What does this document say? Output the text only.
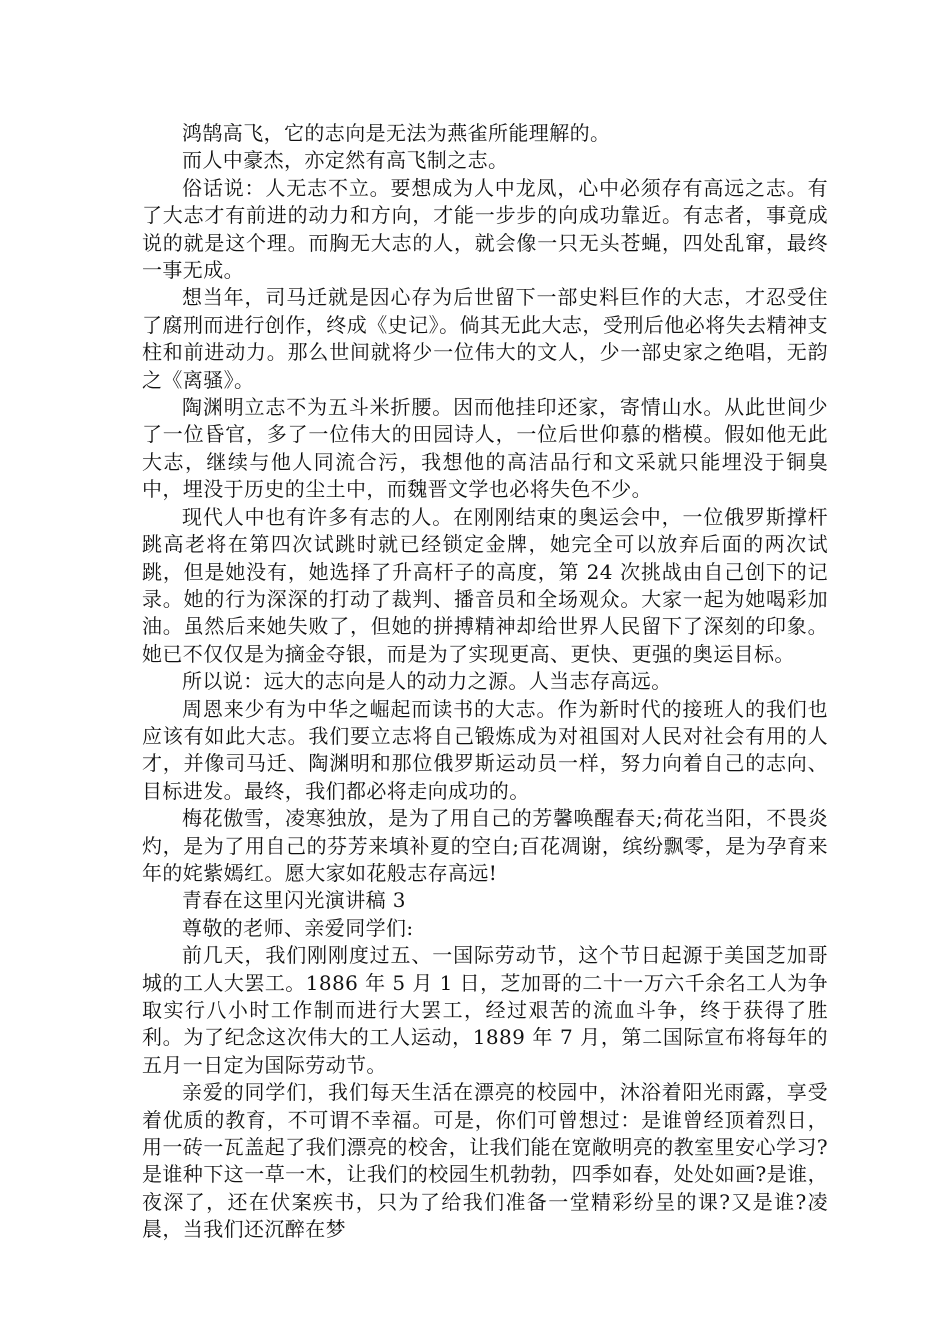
鸿鹄高飞，它的志向是无法为燕雀所能理解的。

而人中豪杰，亦定然有高飞制之志。

俗话说：人无志不立。要想成为人中龙凤，心中必须存有高远之志。有了大志才有前进的动力和方向，才能一步步的向成功靠近。有志者，事竟成说的就是这个理。而胸无大志的人，就会像一只无头苍蝇，四处乱窜，最终一事无成。

想当年，司马迁就是因心存为后世留下一部史料巨作的大志，才忍受住了腐刑而进行创作，终成《史记》。倘其无此大志，受刑后他必将失去精神支柱和前进动力。那么世间就将少一位伟大的文人，少一部史家之绝唱，无韵之《离骚》。

陶渊明立志不为五斗米折腰。因而他挂印还家，寄情山水。从此世间少了一位昏官，多了一位伟大的田园诗人，一位后世仰慕的楷模。假如他无此大志，继续与他人同流合污，我想他的高洁品行和文采就只能埋没于铜臭中，埋没于历史的尘土中，而魏晋文学也必将失色不少。

现代人中也有许多有志的人。在刚刚结束的奥运会中，一位俄罗斯撑杆跳高老将在第四次试跳时就已经锁定金牌，她完全可以放弃后面的两次试跳，但是她没有，她选择了升高杆子的高度，第 24 次挑战由自己创下的记录。她的行为深深的打动了裁判、播音员和全场观众。大家一起为她喝彩加油。虽然后来她失败了，但她的拼搏精神却给世界人民留下了深刻的印象。她已不仅仅是为摘金夺银，而是为了实现更高、更快、更强的奥运目标。

所以说：远大的志向是人的动力之源。人当志存高远。

周恩来少有为中华之崛起而读书的大志。作为新时代的接班人的我们也应该有如此大志。我们要立志将自己锻炼成为对祖国对人民对社会有用的人才，并像司马迁、陶渊明和那位俄罗斯运动员一样，努力向着自己的志向、目标进发。最终，我们都必将走向成功的。

梅花傲雪，凌寒独放，是为了用自己的芳馨唤醒春天;荷花当阳，不畏炎灼，是为了用自己的芬芳来填补夏的空白;百花凋谢，缤纷飘零，是为孕育来年的姹紫嫣红。愿大家如花般志存高远!

青春在这里闪光演讲稿 3

尊敬的老师、亲爱同学们:

前几天，我们刚刚度过五、一国际劳动节，这个节日起源于美国芝加哥城的工人大罢工。1886 年 5 月 1 日，芝加哥的二十一万六千余名工人为争取实行八小时工作制而进行大罢工，经过艰苦的流血斗争，终于获得了胜利。为了纪念这次伟大的工人运动，1889 年 7 月，第二国际宣布将每年的五月一日定为国际劳动节。

亲爱的同学们，我们每天生活在漂亮的校园中，沐浴着阳光雨露，享受着优质的教育，不可谓不幸福。可是，你们可曾想过：是谁曾经顶着烈日，用一砖一瓦盖起了我们漂亮的校舍，让我们能在宽敞明亮的教室里安心学习?是谁种下这一草一木，让我们的校园生机勃勃，四季如春，处处如画?是谁，夜深了，还在伏案疾书，只为了给我们准备一堂精彩纷呈的课?又是谁?凌晨，当我们还沉醉在梦
